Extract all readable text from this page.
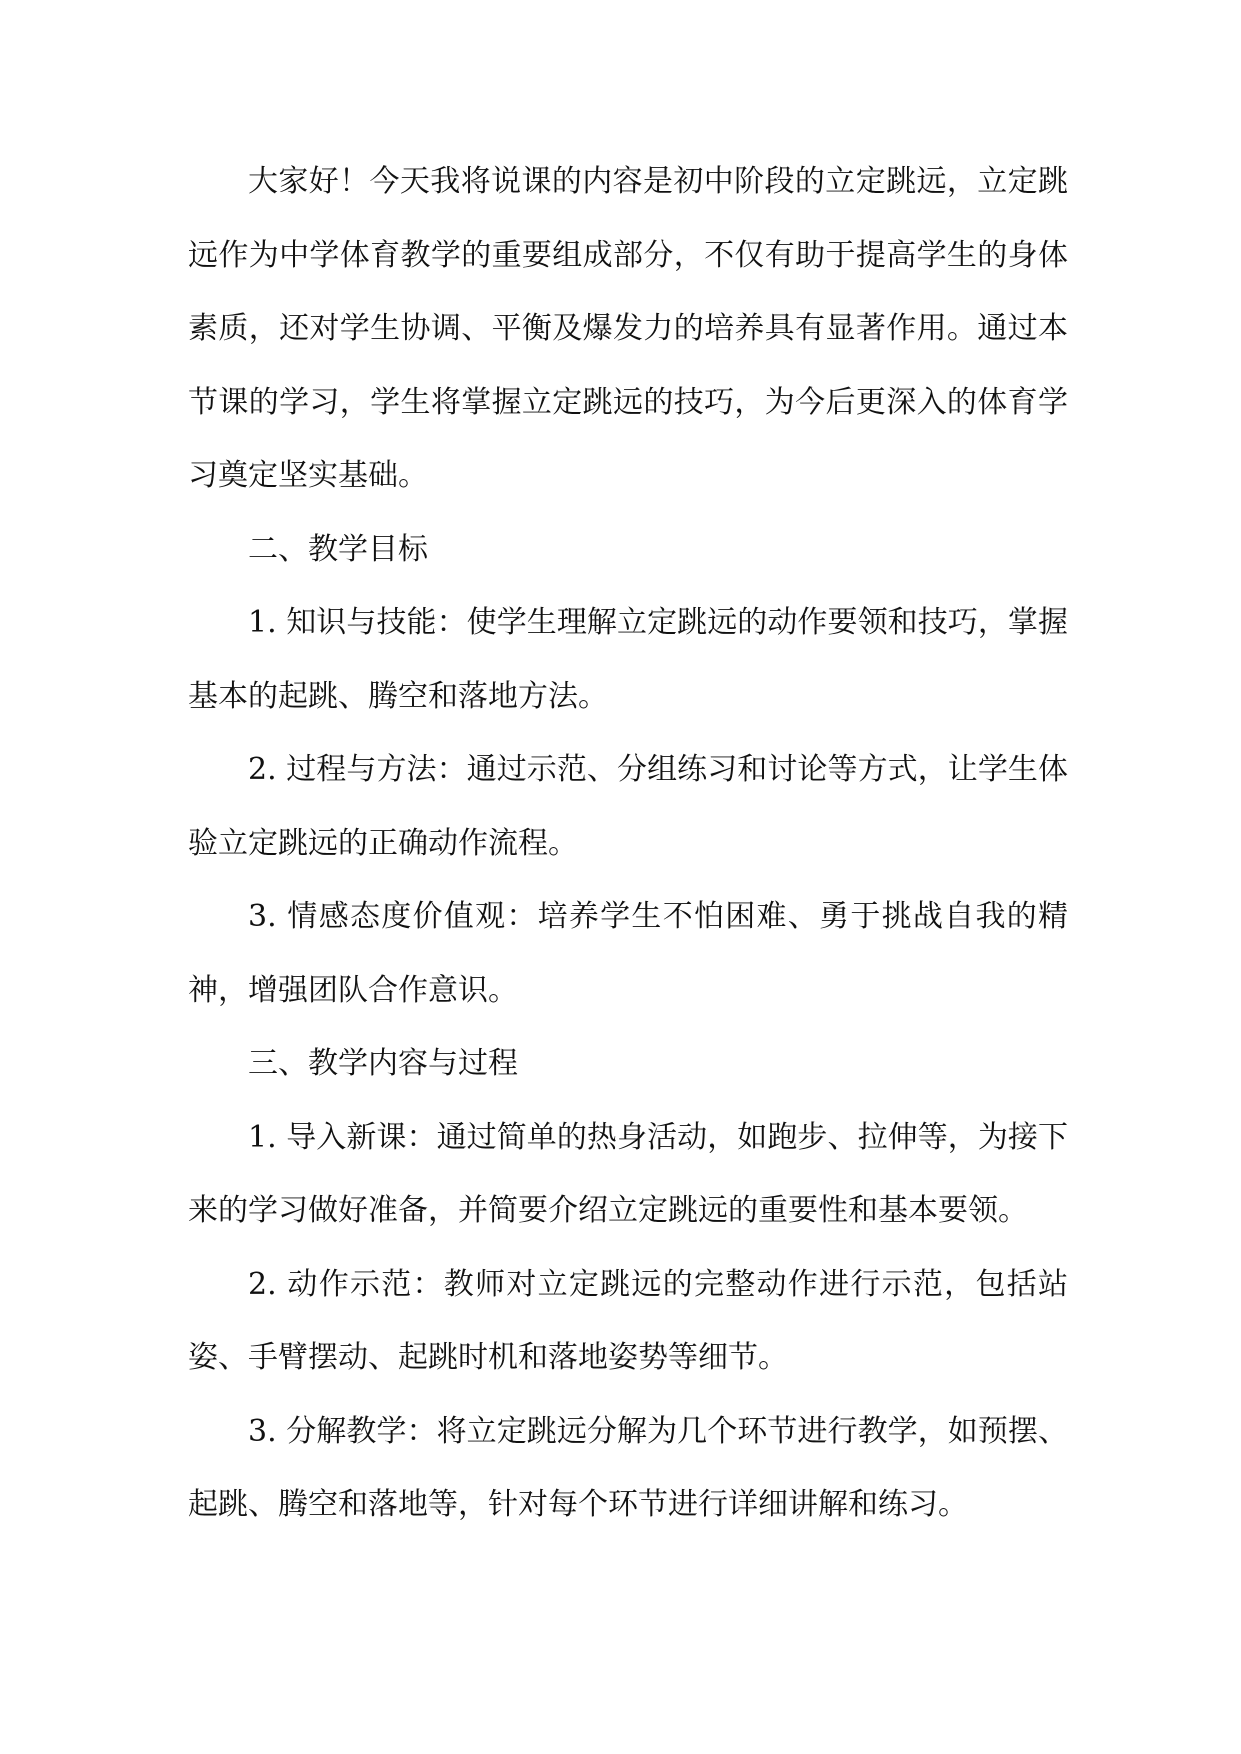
大家好！今天我将说课的内容是初中阶段的立定跳远，立定跳远作为中学体育教学的重要组成部分，不仅有助于提高学生的身体素质，还对学生协调、平衡及爆发力的培养具有显著作用。通过本节课的学习，学生将掌握立定跳远的技巧，为今后更深入的体育学习奠定坚实基础。

二、教学目标

1. 知识与技能：使学生理解立定跳远的动作要领和技巧，掌握基本的起跳、腾空和落地方法。

2. 过程与方法：通过示范、分组练习和讨论等方式，让学生体验立定跳远的正确动作流程。

3. 情感态度价值观：培养学生不怕困难、勇于挑战自我的精神，增强团队合作意识。

三、教学内容与过程

1. 导入新课：通过简单的热身活动，如跑步、拉伸等，为接下来的学习做好准备，并简要介绍立定跳远的重要性和基本要领。

2. 动作示范：教师对立定跳远的完整动作进行示范，包括站姿、手臂摆动、起跳时机和落地姿势等细节。

3. 分解教学：将立定跳远分解为几个环节进行教学，如预摆、起跳、腾空和落地等，针对每个环节进行详细讲解和练习。
